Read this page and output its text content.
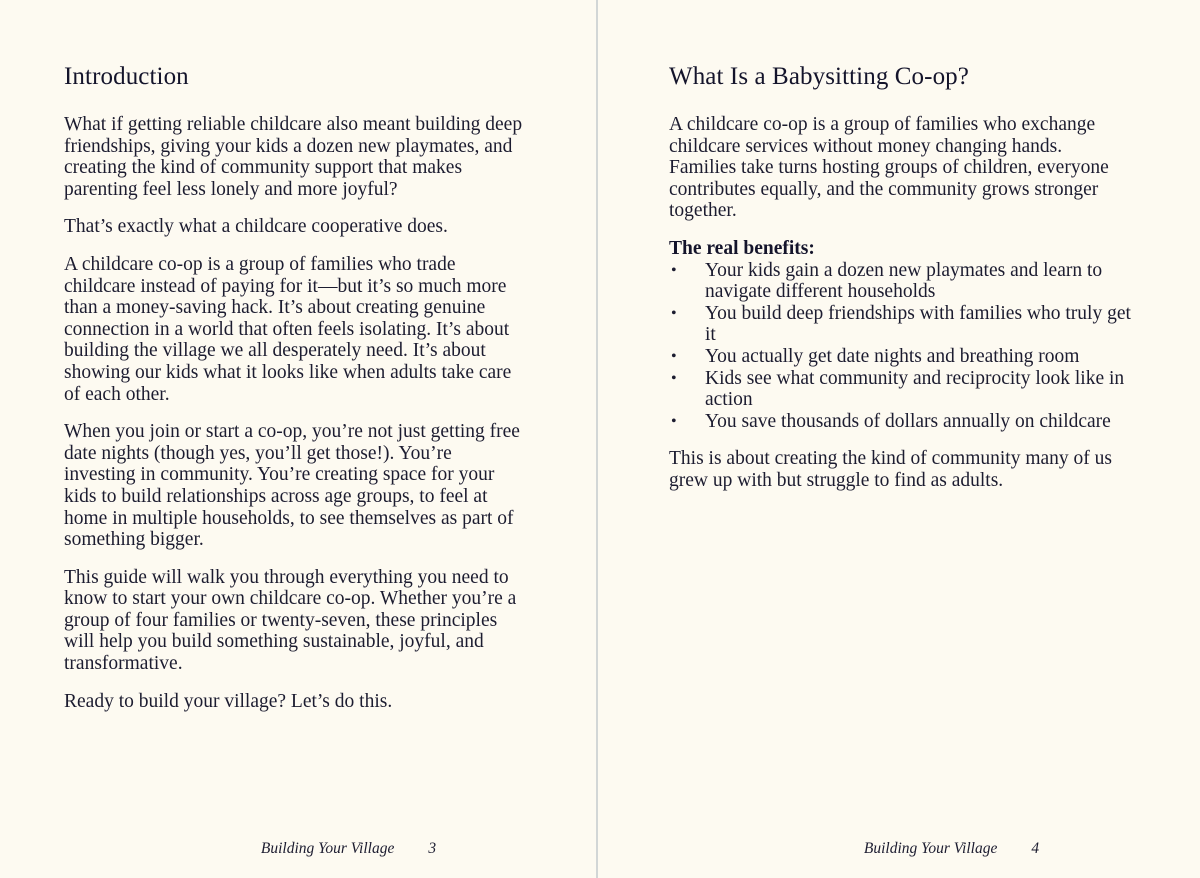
Introduction

What if getting reliable childcare also meant building deep friendships, giving your kids a dozen new playmates, and creating the kind of community support that makes parenting feel less lonely and more joyful?

That’s exactly what a childcare cooperative does.

A childcare co-op is a group of families who trade childcare instead of paying for it—but it’s so much more than a money-saving hack. It’s about creating genuine connection in a world that often feels isolating. It’s about building the village we all desperately need. It’s about showing our kids what it looks like when adults take care of each other.

When you join or start a co-op, you’re not just getting free date nights (though yes, you’ll get those!). You’re investing in community. You’re creating space for your kids to build relationships across age groups, to feel at home in multiple households, to see themselves as part of something bigger.

This guide will walk you through everything you need to know to start your own childcare co-op. Whether you’re a group of four families or twenty-seven, these principles will help you build something sustainable, joyful, and transformative.

Ready to build your village? Let’s do this.

Building Your Village 3
What Is a Babysitting Co-op?

A childcare co-op is a group of families who exchange childcare services without money changing hands. Families take turns hosting groups of children, everyone contributes equally, and the community grows stronger together.

The real benefits:

• Your kids gain a dozen new playmates and learn to navigate different households
• You build deep friendships with families who truly get it
• You actually get date nights and breathing room
• Kids see what community and reciprocity look like in action
• You save thousands of dollars annually on childcare

This is about creating the kind of community many of us grew up with but struggle to find as adults.

Building Your Village 4
